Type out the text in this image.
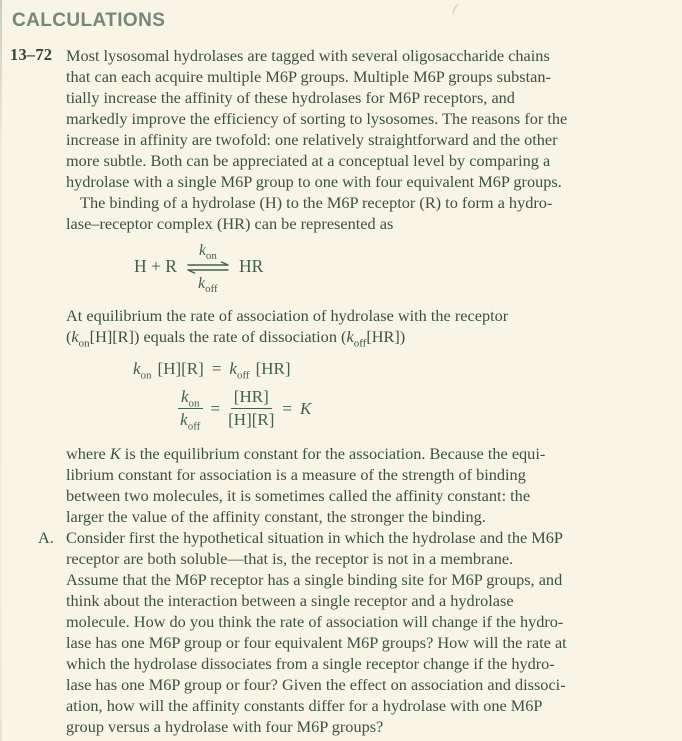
CALCULATIONS
13–72 Most lysosomal hydrolases are tagged with several oligosaccharide chains
that can each acquire multiple M6P groups. Multiple M6P groups substan-
tially increase the affinity of these hydrolases for M6P receptors, and
markedly improve the efficiency of sorting to lysosomes. The reasons for the
increase in affinity are twofold: one relatively straightforward and the other
more subtle. Both can be appreciated at a conceptual level by comparing a
hydrolase with a single M6P group to one with four equivalent M6P groups.
The binding of a hydrolase (H) to the M6P receptor (R) to form a hydro-
lase–receptor complex (HR) can be represented as
H + R
$k_{on}$
$k_{off}$
HR
At equilibrium the rate of association of hydrolase with the receptor
$(k_{on}[H][R])$ equals the rate of dissociation $(k_{off}[HR])$
$k_{on}$ $[H][R] = k_{off}$ [HR]
$\frac{k_{on}}{k_{off}} = \frac{[HR]}{[H][R]} = K$
where K is the equilibrium constant for the association. Because the equi-
librium constant for association is a measure of the strength of binding
between two molecules, it is sometimes called the affinity constant: the
larger the value of the affinity constant, the stronger the binding.
A. Consider first the hypothetical situation in which the hydrolase and the M6P
receptor are both soluble—that is, the receptor is not in a membrane.
Assume that the M6P receptor has a single binding site for M6P groups, and
think about the interaction between a single receptor and a hydrolase
molecule. How do you think the rate of association will change if the hydro-
lase has one M6P group or four equivalent M6P groups? How will the rate at
which the hydrolase dissociates from a single receptor change if the hydro-
lase has one M6P group or four? Given the effect on association and dissoci-
ation, how will the affinity constants differ for a hydrolase with one M6P
group versus a hydrolase with four M6P groups?
